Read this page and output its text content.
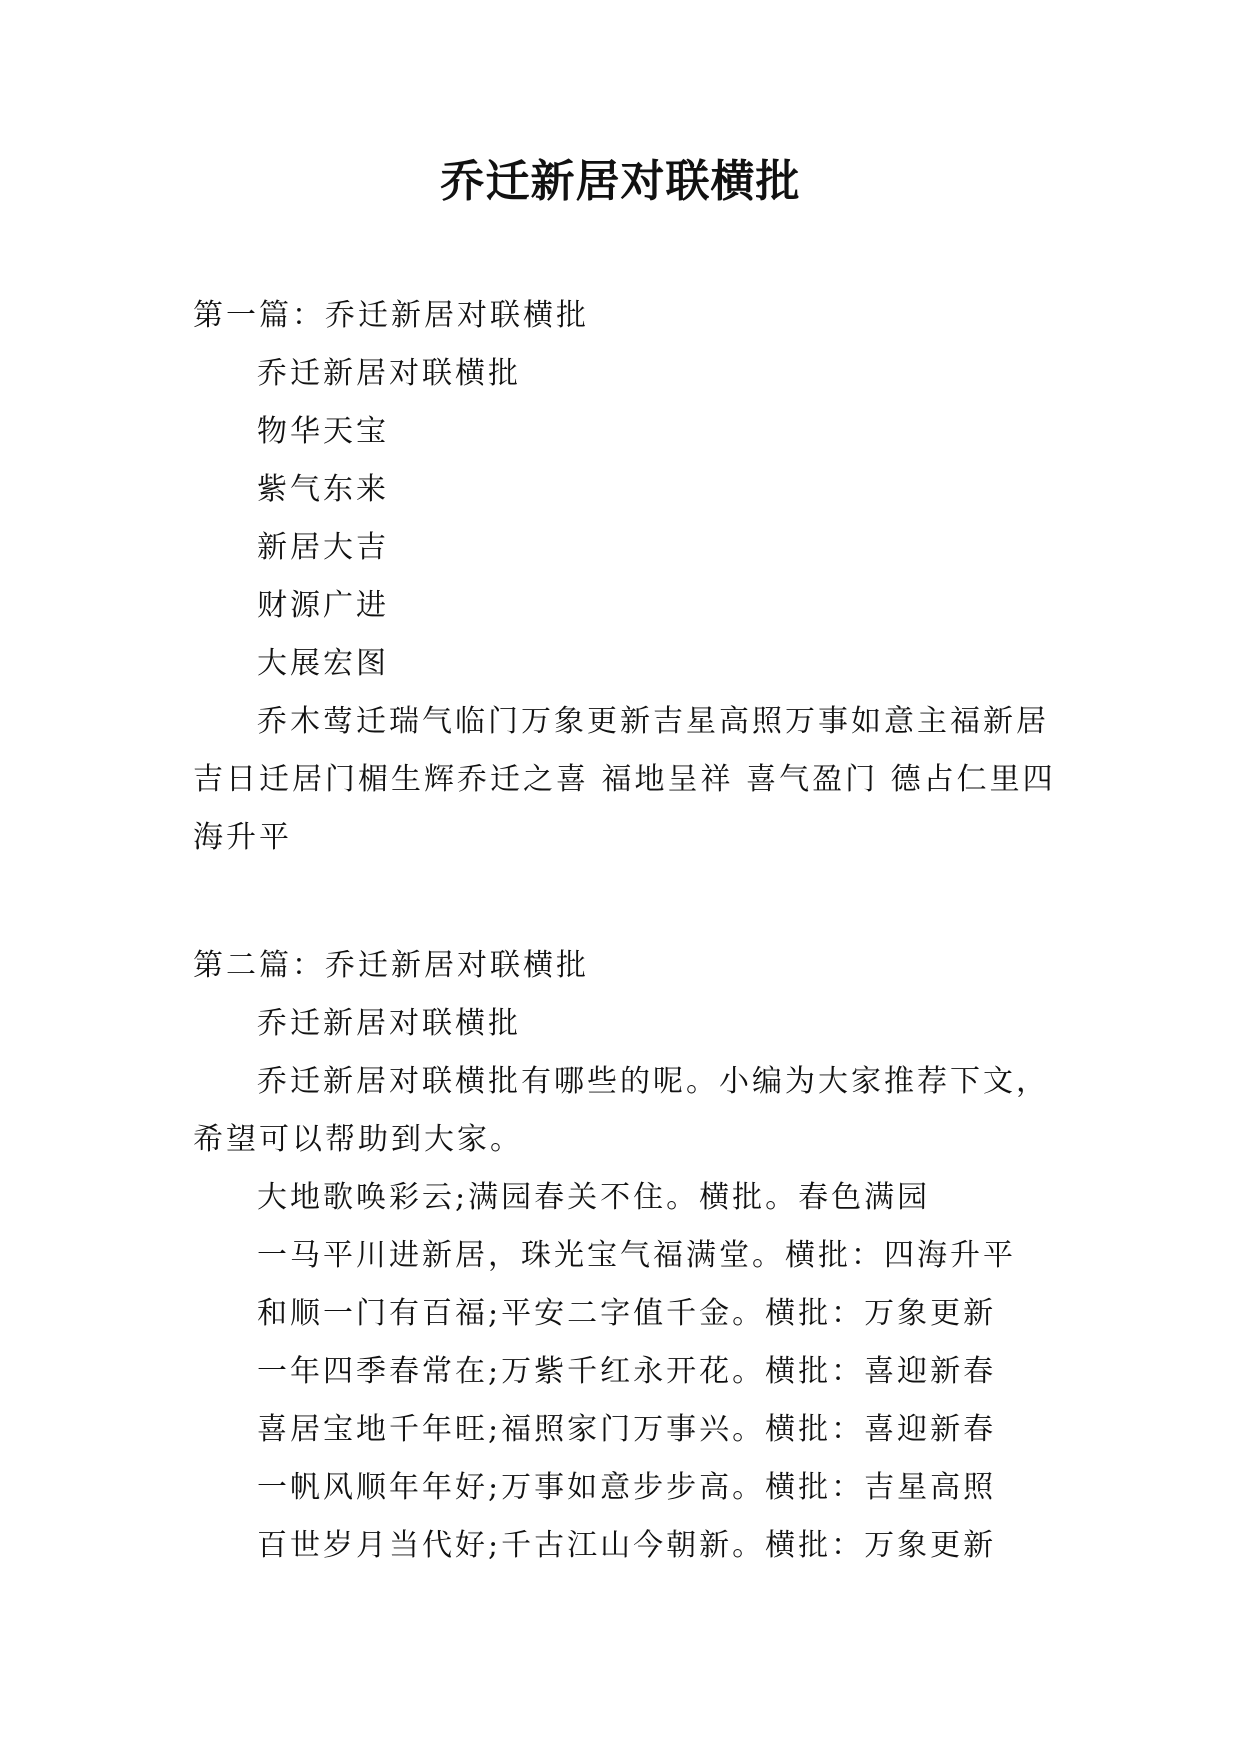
乔迁新居对联横批

第一篇：乔迁新居对联横批

乔迁新居对联横批

物华天宝

紫气东来

新居大吉

财源广进

大展宏图

乔木莺迁瑞气临门万象更新吉星高照万事如意主福新居吉日迁居门楣生辉乔迁之喜 福地呈祥 喜气盈门 德占仁里四海升平

第二篇：乔迁新居对联横批

乔迁新居对联横批

乔迁新居对联横批有哪些的呢。小编为大家推荐下文，希望可以帮助到大家。

大地歌唤彩云;满园春关不住。横批。春色满园

一马平川进新居，珠光宝气福满堂。横批：四海升平

和顺一门有百福;平安二字值千金。横批：万象更新

一年四季春常在;万紫千红永开花。横批：喜迎新春

喜居宝地千年旺;福照家门万事兴。横批：喜迎新春

一帆风顺年年好;万事如意步步高。横批：吉星高照

百世岁月当代好;千古江山今朝新。横批：万象更新
